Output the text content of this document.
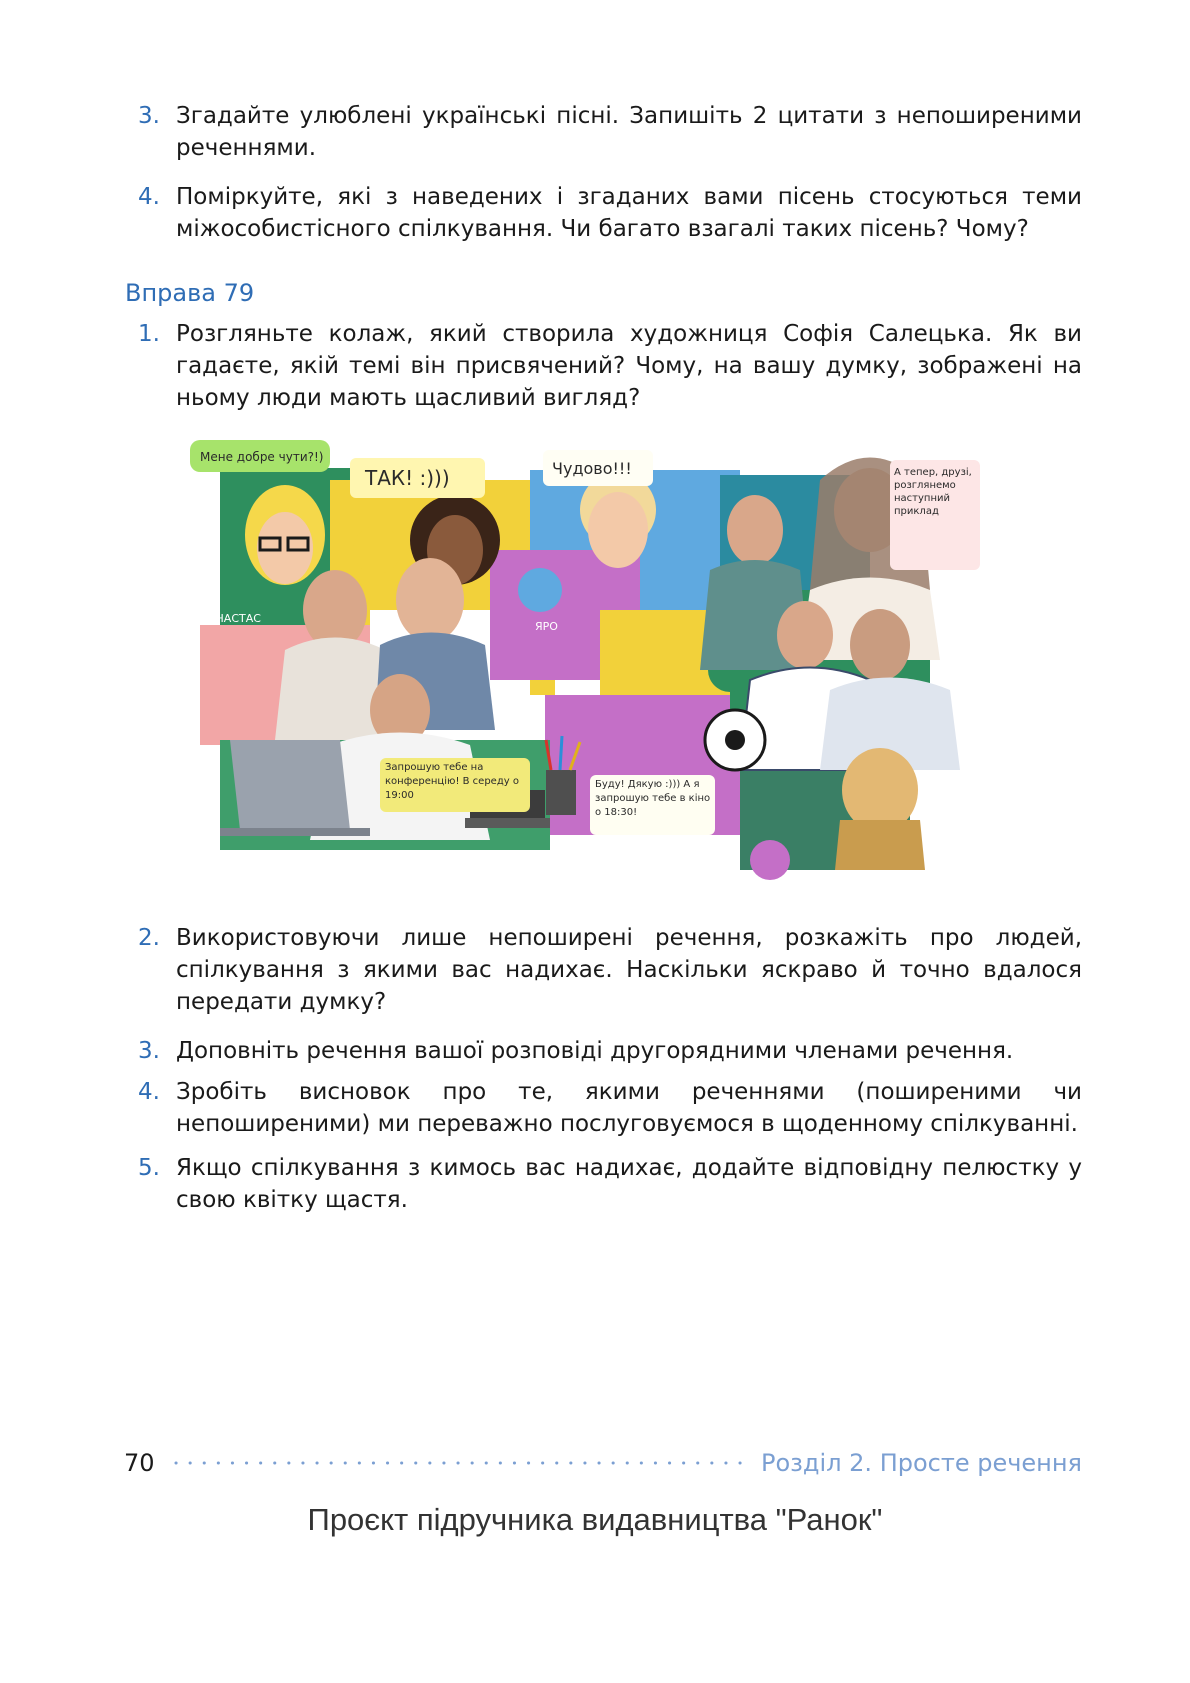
3. Згадайте улюблені українські пісні. Запишіть 2 цитати з непоширеними реченнями.

4. Поміркуйте, які з наведених і згаданих вами пісень стосуються теми міжособистісного спілкування. Чи багато взагалі таких пісень? Чому?

Вправа 79
1. Розгляньте колаж, який створила художниця Софія Салецька. Як ви гадаєте, якій темі він присвячений? Чому, на вашу думку, зображені на ньому люди мають щасливий вигляд?

Мене добре чути?!)
ТАК! :)))	Чудово!!!	А тепер, друзі, розглянемо наступний приклад
Запрошую тебе на конференцію! В середу о 19:00
Буду! Дякую :))) А я запрошую тебе в кіно о 18:30!
АНАСТАС
ЯРО
2. Використовуючи лише непоширені речення, розкажіть про людей, спілкування з якими вас надихає. Наскільки яскраво й точно вдалося передати думку?

3. Доповніть речення вашої розповіді другорядними членами речення.

4. Зробіть висновок про те, якими реченнями (поширеними чи непоширеними) ми переважно послуговуємося в щоденному спілкуванні.

5. Якщо спілкування з кимось вас надихає, додайте відповідну пелюстку у свою квітку щастя.

70	Розділ 2. Просте речення
Проєкт підручника видавництва "Ранок"
